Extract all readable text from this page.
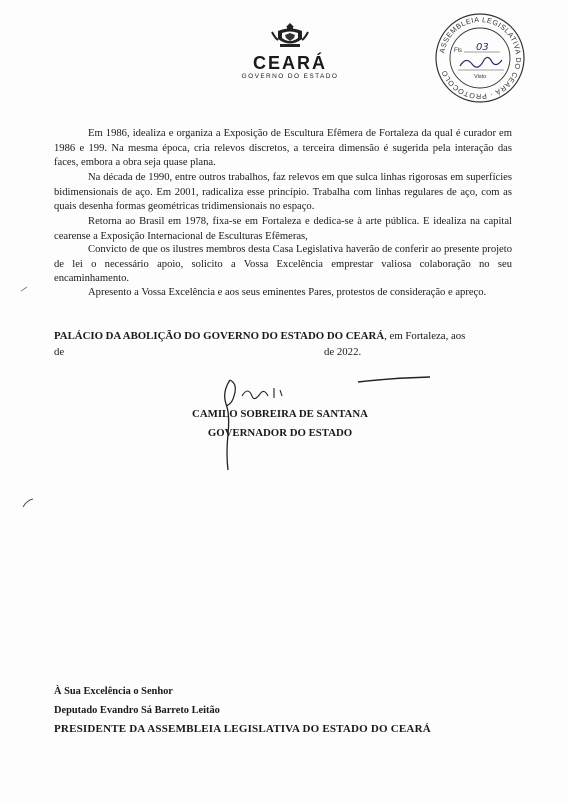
CEARÁ
GOVERNO DO ESTADO
ASSEMBLEIA LEGISLATIVA DO CEARÁ · PROTOCOLO
Fls 03
Visto

Em 1986, idealiza e organiza a Exposição de Escultura Efêmera de Fortaleza da qual é curador em 1986 e 199. Na mesma época, cria relevos discretos, a terceira dimensão é sugerida pela interação das faces, embora a obra seja quase plana.

Na década de 1990, entre outros trabalhos, faz relevos em que sulca linhas rigorosas em superfícies bidimensionais de aço. Em 2001, radicaliza esse princípio. Trabalha com linhas regulares de aço, com as quais desenha formas geométricas tridimensionais no espaço.

Retorna ao Brasil em 1978, fixa-se em Fortaleza e dedica-se à arte pública. E idealiza na capital cearense a Exposição Internacional de Esculturas Efêmeras,

Convicto de que os ilustres membros desta Casa Legislativa haverão de conferir ao presente projeto de lei o necessário apoio, solicito a Vossa Excelência emprestar valiosa colaboração no seu encaminhamento.

Apresento a Vossa Excelência e aos seus eminentes Pares, protestos de consideração e apreço.

PALÁCIO DA ABOLIÇÃO DO GOVERNO DO ESTADO DO CEARÁ, em Fortaleza, aos

de	de 2022.
CAMILO SOBREIRA DE SANTANA
GOVERNADOR DO ESTADO
À Sua Excelência o Senhor
Deputado Evandro Sá Barreto Leitão
PRESIDENTE DA ASSEMBLEIA LEGISLATIVA DO ESTADO DO CEARÁ
